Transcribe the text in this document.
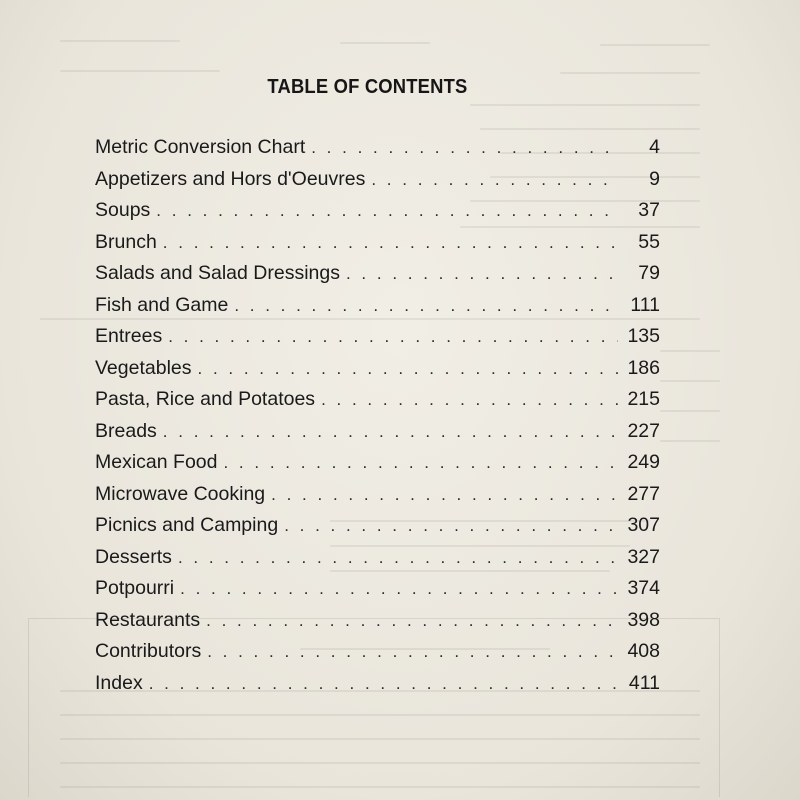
TABLE OF CONTENTS
Metric Conversion Chart . . .	4
Appetizers and Hors d'Oeuvres . . .	9
Soups . . .	37
Brunch . . .	55
Salads and Salad Dressings . . .	79
Fish and Game . . .	111
Entrees . . .	135
Vegetables . . .	186
Pasta, Rice and Potatoes . . .	215
Breads . . .	227
Mexican Food . . .	249
Microwave Cooking . . .	277
Picnics and Camping . . .	307
Desserts . . .	327
Potpourri . . .	374
Restaurants . . .	398
Contributors . . .	408
Index . . .	411
